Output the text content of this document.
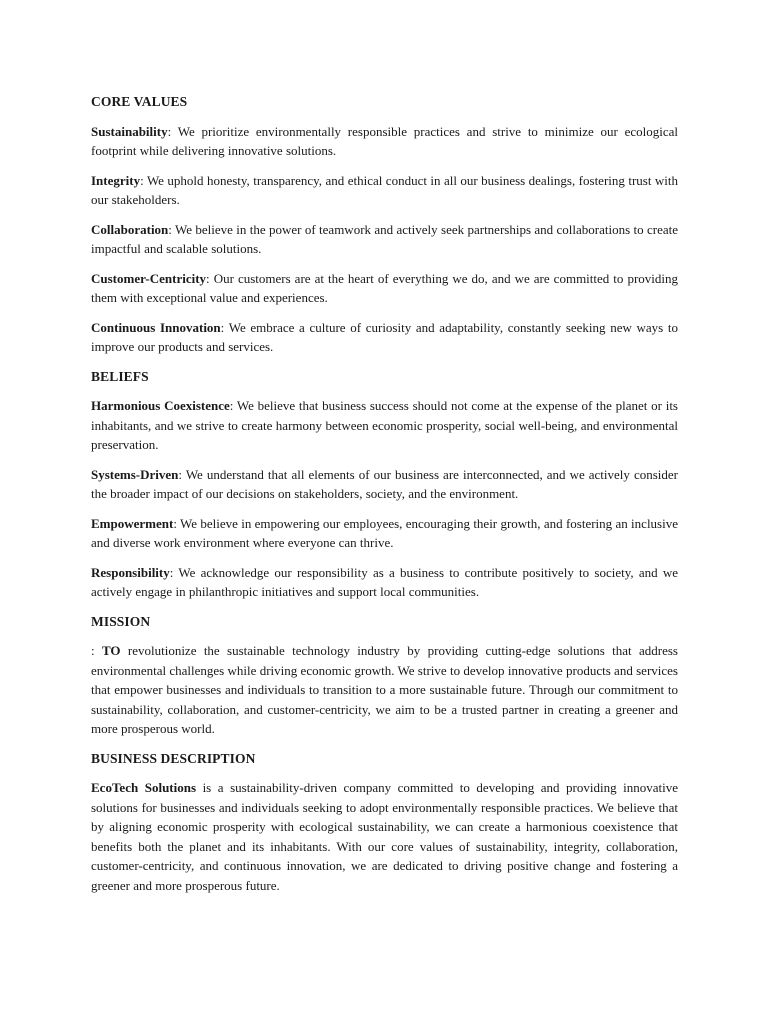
CORE VALUES

Sustainability: We prioritize environmentally responsible practices and strive to minimize our ecological footprint while delivering innovative solutions.

Integrity: We uphold honesty, transparency, and ethical conduct in all our business dealings, fostering trust with our stakeholders.

Collaboration: We believe in the power of teamwork and actively seek partnerships and collaborations to create impactful and scalable solutions.

Customer-Centricity: Our customers are at the heart of everything we do, and we are committed to providing them with exceptional value and experiences.

Continuous Innovation: We embrace a culture of curiosity and adaptability, constantly seeking new ways to improve our products and services.

BELIEFS

Harmonious Coexistence: We believe that business success should not come at the expense of the planet or its inhabitants, and we strive to create harmony between economic prosperity, social well-being, and environmental preservation.

Systems-Driven: We understand that all elements of our business are interconnected, and we actively consider the broader impact of our decisions on stakeholders, society, and the environment.

Empowerment: We believe in empowering our employees, encouraging their growth, and fostering an inclusive and diverse work environment where everyone can thrive.

Responsibility: We acknowledge our responsibility as a business to contribute positively to society, and we actively engage in philanthropic initiatives and support local communities.

MISSION

: TO revolutionize the sustainable technology industry by providing cutting-edge solutions that address environmental challenges while driving economic growth. We strive to develop innovative products and services that empower businesses and individuals to transition to a more sustainable future. Through our commitment to sustainability, collaboration, and customer-centricity, we aim to be a trusted partner in creating a greener and more prosperous world.

BUSINESS DESCRIPTION

EcoTech Solutions is a sustainability-driven company committed to developing and providing innovative solutions for businesses and individuals seeking to adopt environmentally responsible practices. We believe that by aligning economic prosperity with ecological sustainability, we can create a harmonious coexistence that benefits both the planet and its inhabitants. With our core values of sustainability, integrity, collaboration, customer-centricity, and continuous innovation, we are dedicated to driving positive change and fostering a greener and more prosperous future.
